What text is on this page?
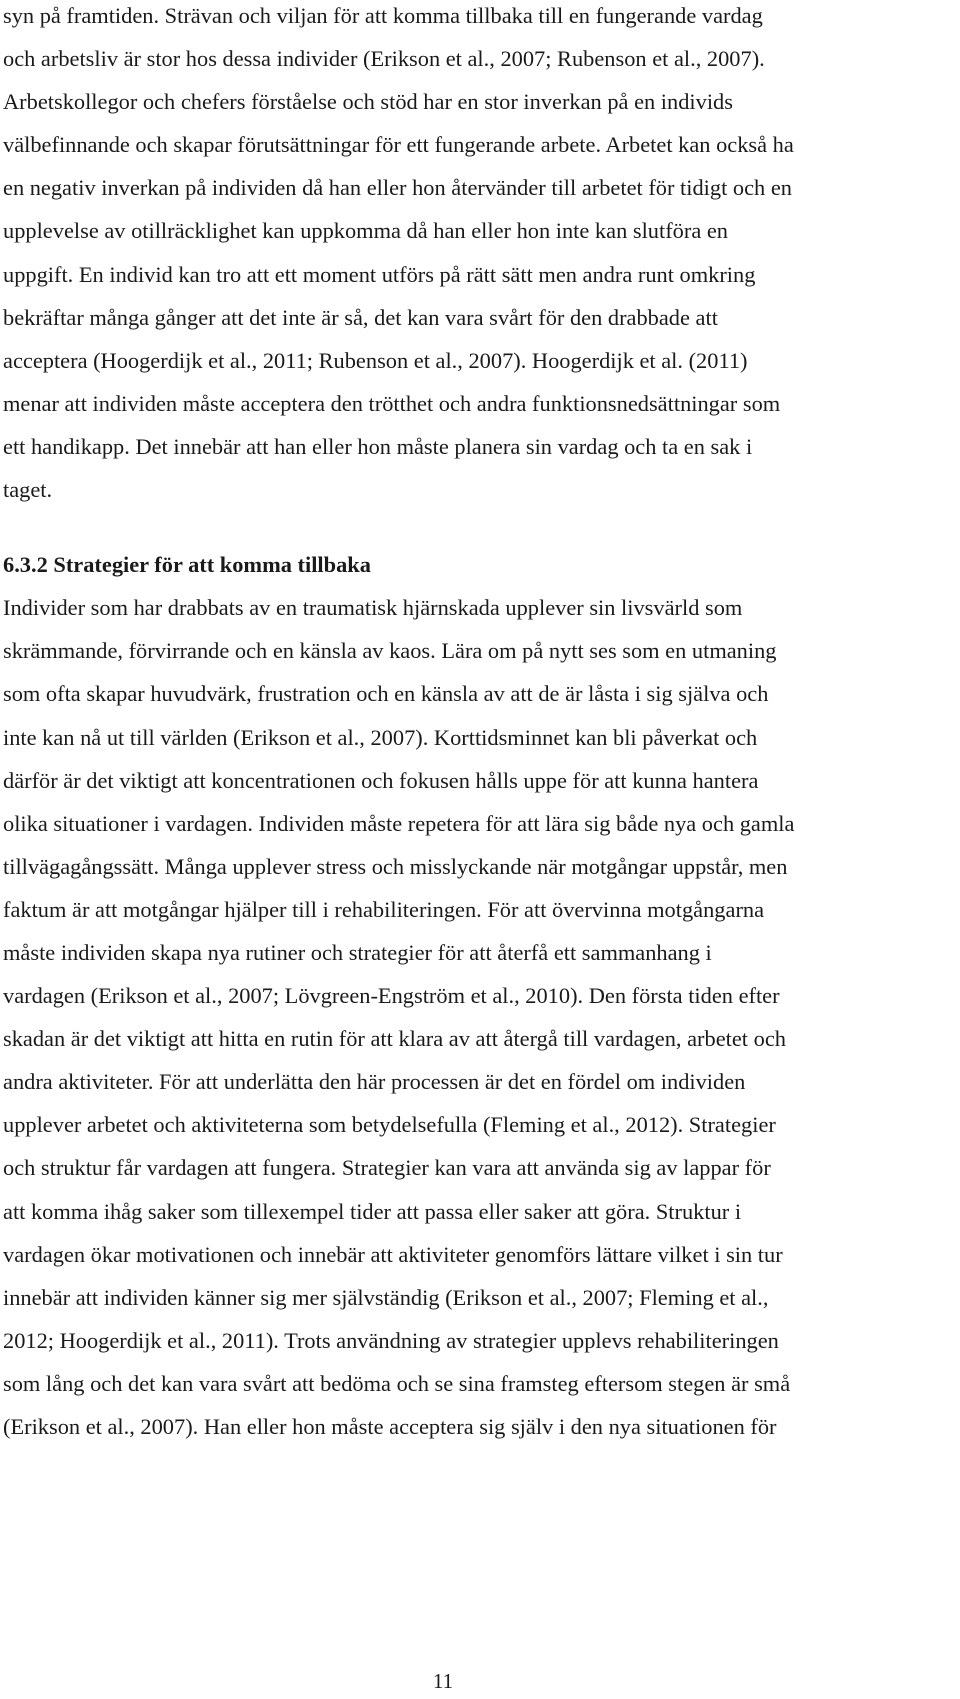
syn på framtiden. Strävan och viljan för att komma tillbaka till en fungerande vardag

och arbetsliv är stor hos dessa individer (Erikson et al., 2007; Rubenson et al., 2007).

Arbetskollegor och chefers förståelse och stöd har en stor inverkan på en individs

välbefinnande och skapar förutsättningar för ett fungerande arbete. Arbetet kan också ha

en negativ inverkan på individen då han eller hon återvänder till arbetet för tidigt och en

upplevelse av otillräcklighet kan uppkomma då han eller hon inte kan slutföra en

uppgift. En individ kan tro att ett moment utförs på rätt sätt men andra runt omkring

bekräftar många gånger att det inte är så, det kan vara svårt för den drabbade att

acceptera (Hoogerdijk et al., 2011; Rubenson et al., 2007). Hoogerdijk et al. (2011)

menar att individen måste acceptera den trötthet och andra funktionsnedsättningar som

ett handikapp. Det innebär att han eller hon måste planera sin vardag och ta en sak i

taget.

6.3.2 Strategier för att komma tillbaka

Individer som har drabbats av en traumatisk hjärnskada upplever sin livsvärld som

skrämmande, förvirrande och en känsla av kaos. Lära om på nytt ses som en utmaning

som ofta skapar huvudvärk, frustration och en känsla av att de är låsta i sig själva och

inte kan nå ut till världen (Erikson et al., 2007). Korttidsminnet kan bli påverkat och

därför är det viktigt att koncentrationen och fokusen hålls uppe för att kunna hantera

olika situationer i vardagen. Individen måste repetera för att lära sig både nya och gamla

tillvägagångssätt. Många upplever stress och misslyckande när motgångar uppstår, men

faktum är att motgångar hjälper till i rehabiliteringen. För att övervinna motgångarna

måste individen skapa nya rutiner och strategier för att återfå ett sammanhang i

vardagen (Erikson et al., 2007; Lövgreen-Engström et al., 2010). Den första tiden efter

skadan är det viktigt att hitta en rutin för att klara av att återgå till vardagen, arbetet och

andra aktiviteter. För att underlätta den här processen är det en fördel om individen

upplever arbetet och aktiviteterna som betydelsefulla (Fleming et al., 2012). Strategier

och struktur får vardagen att fungera. Strategier kan vara att använda sig av lappar för

att komma ihåg saker som tillexempel tider att passa eller saker att göra. Struktur i

vardagen ökar motivationen och innebär att aktiviteter genomförs lättare vilket i sin tur

innebär att individen känner sig mer självständig (Erikson et al., 2007; Fleming et al.,

2012; Hoogerdijk et al., 2011). Trots användning av strategier upplevs rehabiliteringen

som lång och det kan vara svårt att bedöma och se sina framsteg eftersom stegen är små

(Erikson et al., 2007). Han eller hon måste acceptera sig själv i den nya situationen för

11
